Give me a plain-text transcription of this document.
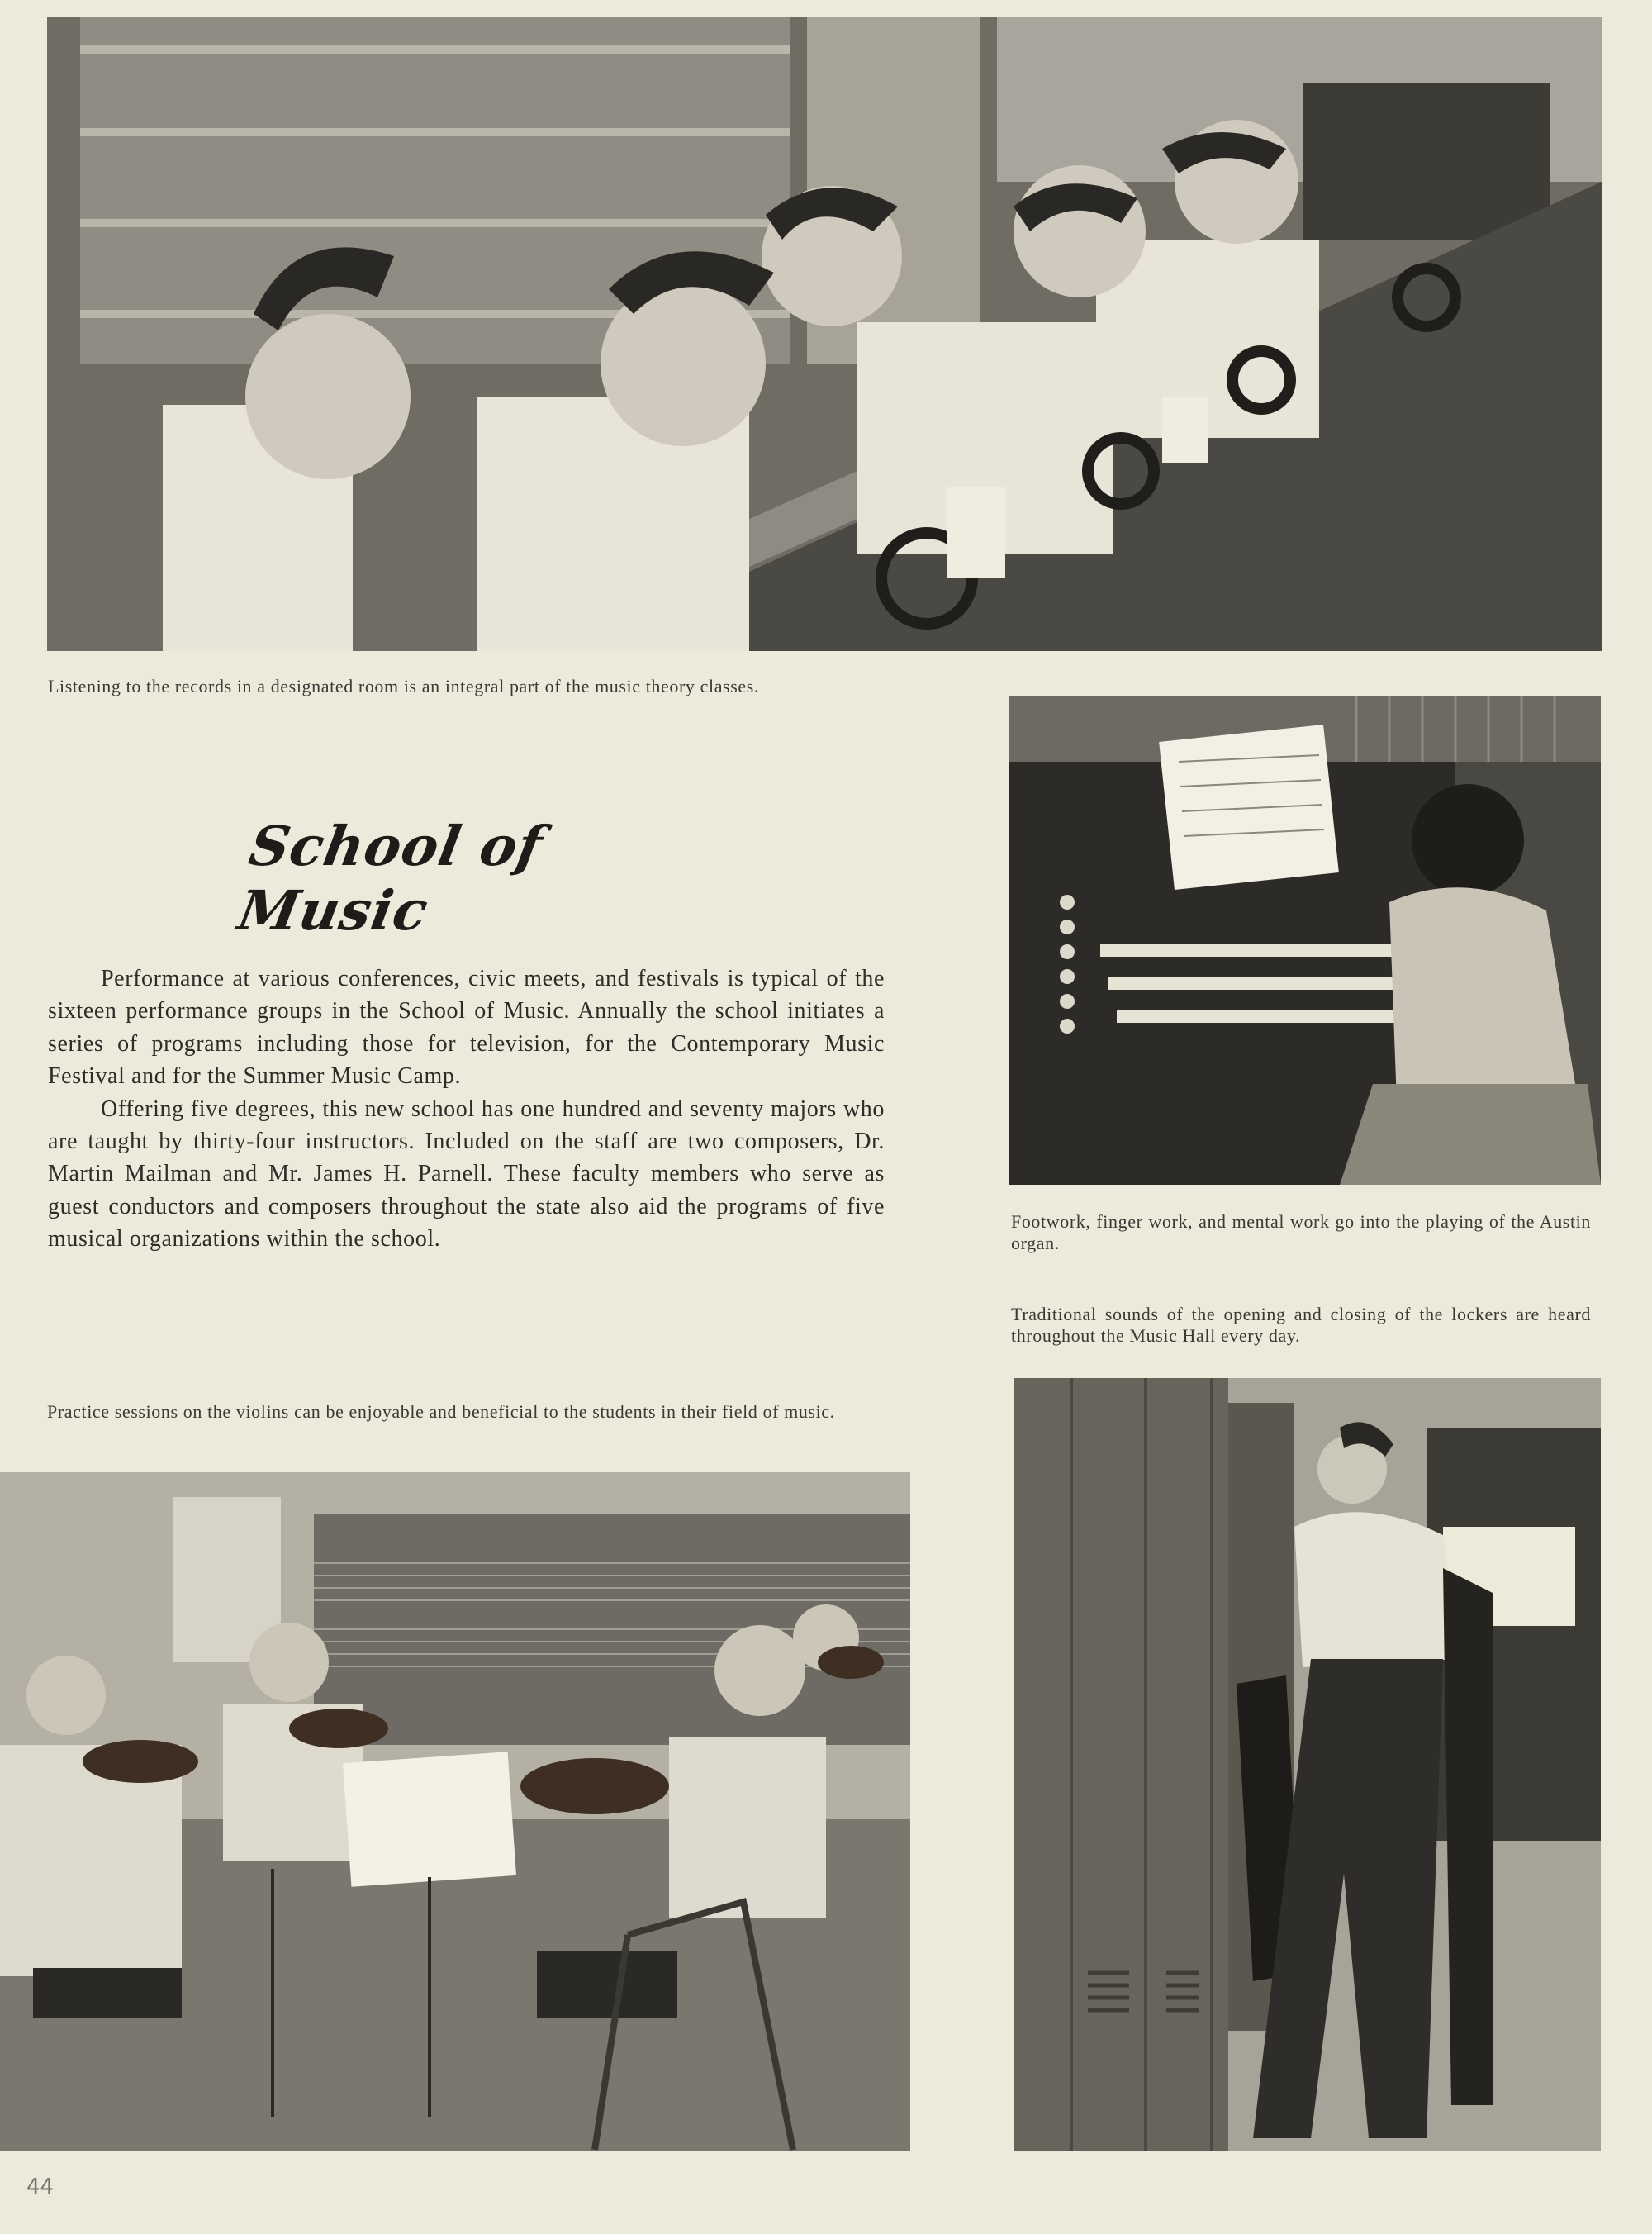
Listening to the records in a designated room is an integral part of the music theory classes.
Footwork, finger work, and mental work go into the playing of the Austin organ.
Traditional sounds of the opening and closing of the lockers are heard throughout the Music Hall every day.
School of Music

Performance at various conferences, civic meets, and festivals is typical of the sixteen performance groups in the School of Music. Annually the school initiates a series of programs including those for television, for the Contemporary Music Festival and for the Summer Music Camp.

Offering five degrees, this new school has one hundred and seventy majors who are taught by thirty-four instructors. Included on the staff are two composers, Dr. Martin Mailman and Mr. James H. Parnell. These faculty members who serve as guest conductors and composers throughout the state also aid the programs of five musical organizations within the school.

Practice sessions on the violins can be enjoyable and beneficial to the students in their field of music.
44
